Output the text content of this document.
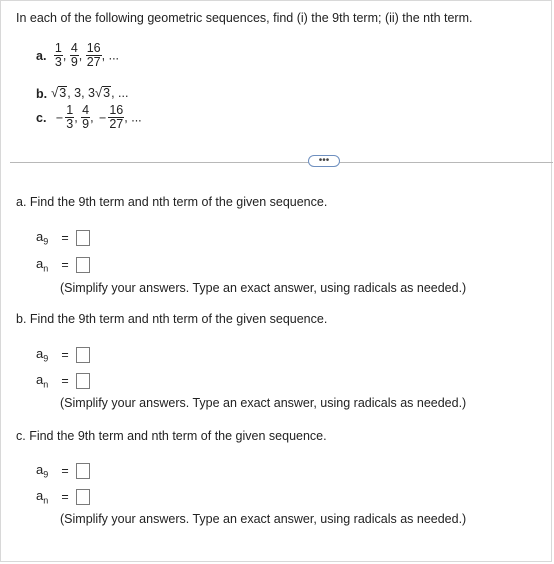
In each of the following geometric sequences, find (i) the 9th term; (ii) the nth term.
a. $\frac{1}{3}$ , $\frac{4}{9}$ , $\frac{16}{27}$ , ...
b. √3, 3, 3√3, ...
c. − $\frac{1}{3}$ , $\frac{4}{9}$ , − $\frac{16}{27}$ , ...
•••
a. Find the 9th term and nth term of the given sequence.
$a_9$	=
$a_n$	=
(Simplify your answers. Type an exact answer, using radicals as needed.)
b. Find the 9th term and nth term of the given sequence.
$a_9$	=
$a_n$	=
(Simplify your answers. Type an exact answer, using radicals as needed.)
c. Find the 9th term and nth term of the given sequence.
$a_9$	=
$a_n$	=
(Simplify your answers. Type an exact answer, using radicals as needed.)
